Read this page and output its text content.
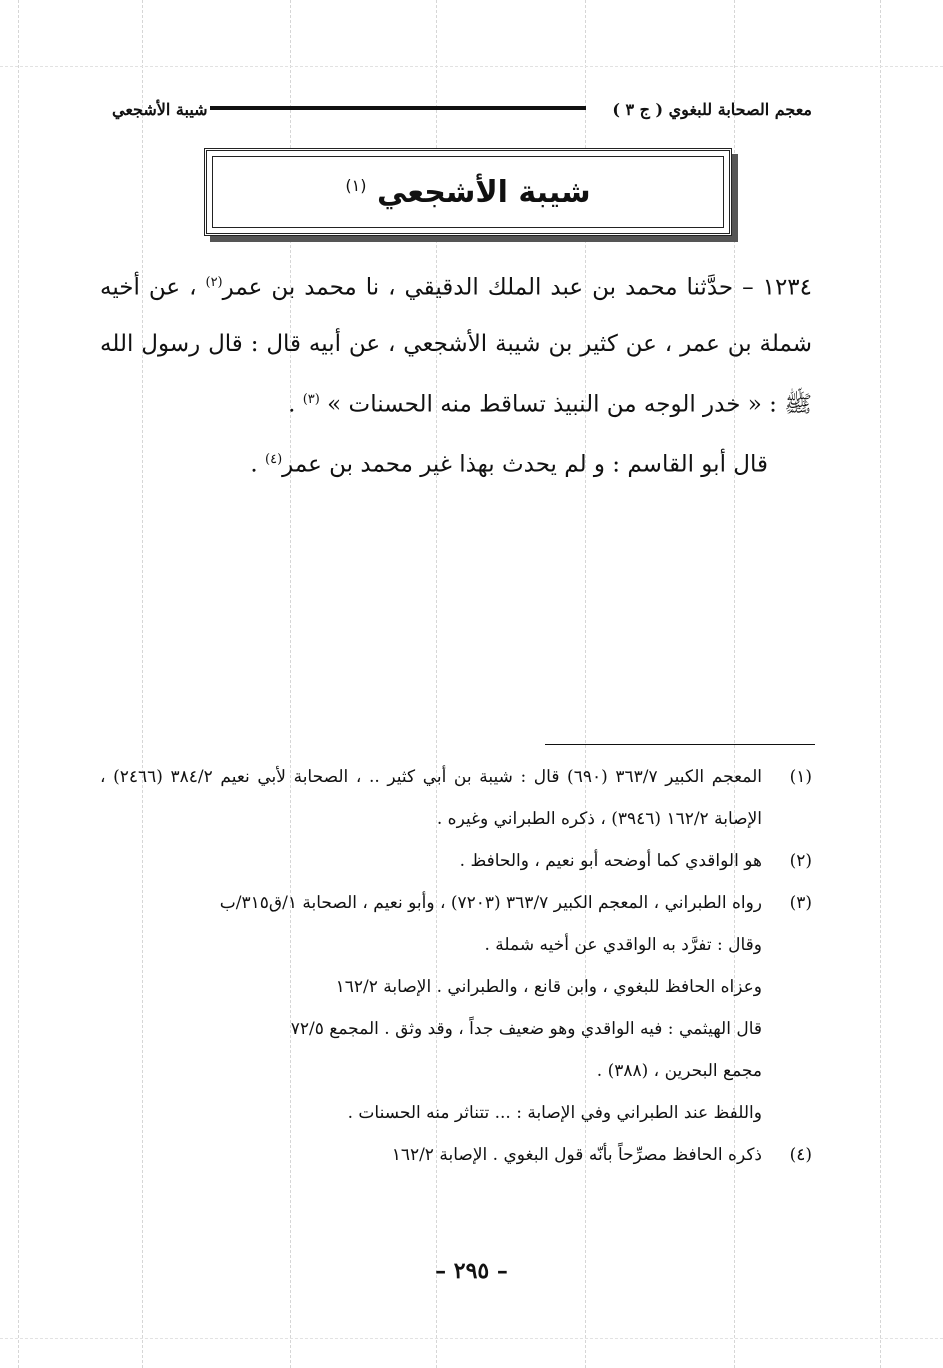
معجم الصحابة للبغوي ( ج ٣ )
شيبة الأشجعي
شيبة الأشجعي $^{(١)}$

١٢٣٤ – حدَّثنا محمد بن عبد الملك الدقيقي ، نا محمد بن عمر$^{(٢)}$ ، عن أخيه شملة بن عمر ، عن كثير بن شيبة الأشجعي ، عن أبيه قال : قال رسول الله ﷺ : « خدر الوجه من النبيذ تساقط منه الحسنات » $^{(٣)}$ .

قال أبو القاسم : و لم يحدث بهذا غير محمد بن عمر$^{(٤)}$ .

(١)
المعجم الكبير ٣٦٣/٧ (٦٩٠) قال : شيبة بن أبي كثير .. ، الصحابة لأبي نعيم ٣٨٤/٢ (٢٤٦٦) ، الإصابة ١٦٢/٢ (٣٩٤٦) ، ذكره الطبراني وغيره .
(٢)
هو الواقدي كما أوضحه أبو نعيم ، والحافظ .
(٣)
رواه الطبراني ، المعجم الكبير ٣٦٣/٧ (٧٢٠٣) ، وأبو نعيم ، الصحابة ١/ق٣١٥/ب
وقال : تفرَّد به الواقدي عن أخيه شملة .
وعزاه الحافظ للبغوي ، وابن قانع ، والطبراني . الإصابة ١٦٢/٢
قال الهيثمي : فيه الواقدي وهو ضعيف جداً ، وقد وثق . المجمع ٧٢/٥
مجمع البحرين ، (٣٨٨) .
واللفظ عند الطبراني وفي الإصابة : ... تتناثر منه الحسنات .
(٤)
ذكره الحافظ مصرِّحاً بأنّه قول البغوي . الإصابة ١٦٢/٢
– ٢٩٥ –
